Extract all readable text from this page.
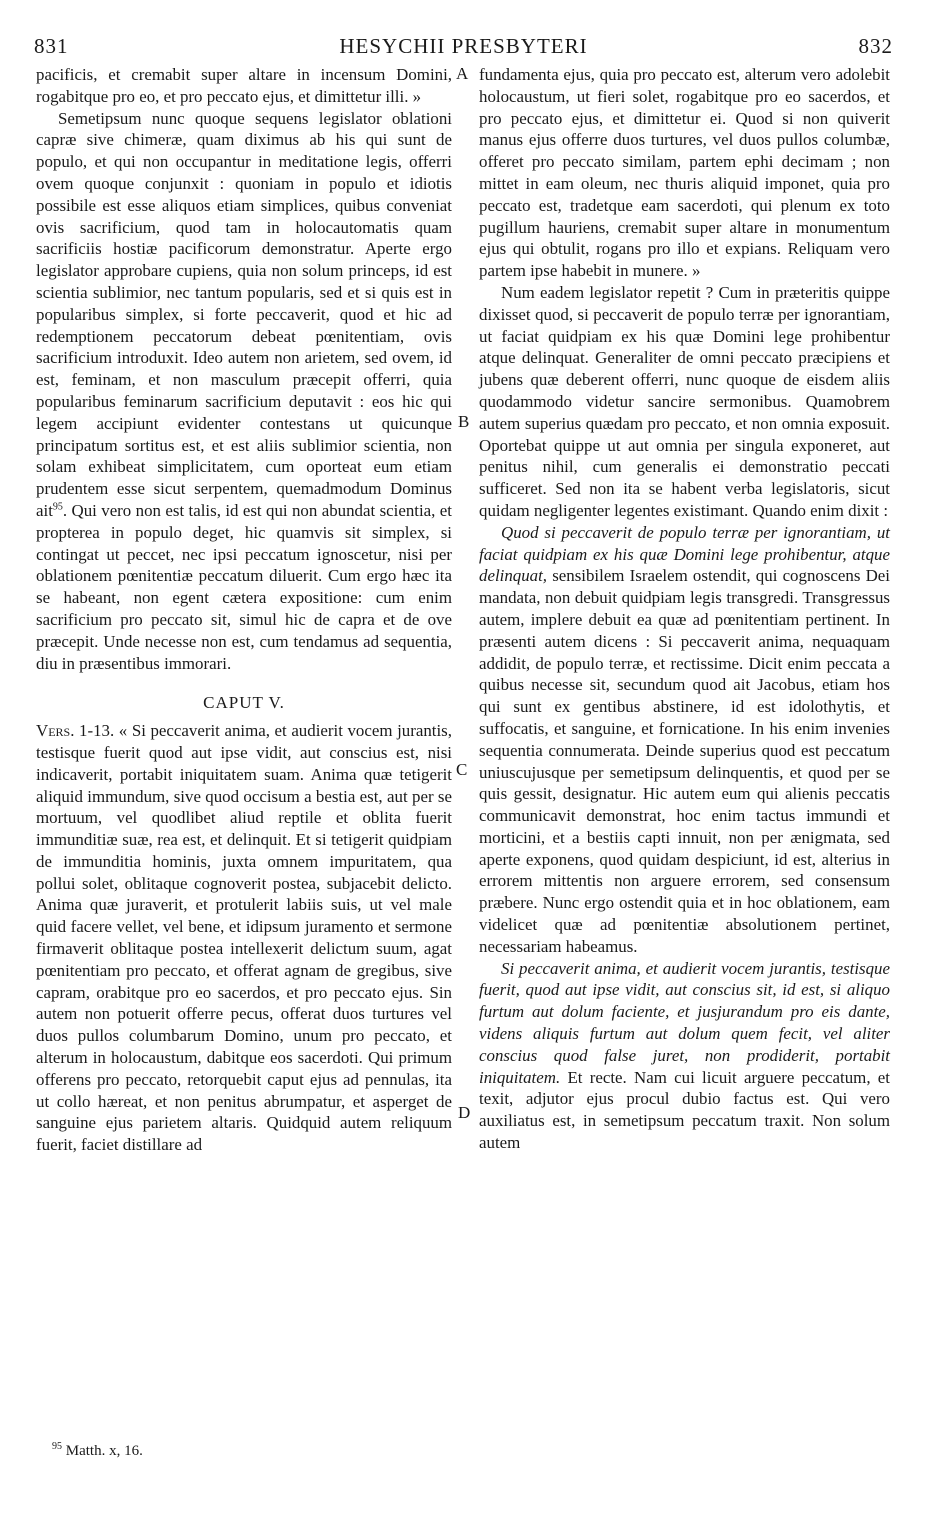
831	HESYCHII PRESBYTERI	832

pacificis, et cremabit super altare in incensum Domini, rogabitque pro eo, et pro peccato ejus, et dimittetur illi. »

Semetipsum nunc quoque sequens legislator oblationi capræ sive chimeræ, quam diximus ab his qui sunt de populo, et qui non occupantur in meditatione legis, offerri ovem quoque conjunxit : quoniam in populo et idiotis possibile est esse aliquos etiam simplices, quibus conveniat ovis sacrificium, quod tam in holocautomatis quam sacrificiis hostiæ pacificorum demonstratur. Aperte ergo legislator approbare cupiens, quia non solum princeps, id est scientia sublimior, nec tantum popularis, sed et si quis est in popularibus simplex, si forte peccaverit, quod et hic ad redemptionem peccatorum debeat pœnitentiam, ovis sacrificium introduxit. Ideo autem non arietem, sed ovem, id est, feminam, et non masculum præcepit offerri, quia popularibus feminarum sacrificium deputavit : eos hic qui legem accipiunt evidenter contestans ut quicunque principatum sortitus est, et est aliis sublimior scientia, non solam exhibeat simplicitatem, cum oporteat eum etiam prudentem esse sicut serpentem, quemadmodum Dominus ait$^{95}$. Qui vero non est talis, id est qui non abundat scientia, et propterea in populo deget, hic quamvis sit simplex, si contingat ut peccet, nec ipsi peccatum ignoscetur, nisi per oblationem pœnitentiæ peccatum diluerit. Cum ergo hæc ita se habeant, non egent cætera expositione: cum enim sacrificium pro peccato sit, simul hic de capra et de ove præcepit. Unde necesse non est, cum tendamus ad sequentia, diu in præsentibus immorari.

CAPUT V.

Vers. 1-13. « Si peccaverit anima, et audierit vocem jurantis, testisque fuerit quod aut ipse vidit, aut conscius est, nisi indicaverit, portabit iniquitatem suam. Anima quæ tetigerit aliquid immundum, sive quod occisum a bestia est, aut per se mortuum, vel quodlibet aliud reptile et oblita fuerit immunditiæ suæ, rea est, et delinquit. Et si tetigerit quidpiam de immunditia hominis, juxta omnem impuritatem, qua pollui solet, oblitaque cognoverit postea, subjacebit delicto. Anima quæ juraverit, et protulerit labiis suis, ut vel male quid facere vellet, vel bene, et idipsum juramento et sermone firmaverit oblitaque postea intellexerit delictum suum, agat pœnitentiam pro peccato, et offerat agnam de gregibus, sive capram, orabitque pro eo sacerdos, et pro peccato ejus. Sin autem non potuerit offerre pecus, offerat duos turtures vel duos pullos columbarum Domino, unum pro peccato, et alterum in holocaustum, dabitque eos sacerdoti. Qui primum offerens pro peccato, retorquebit caput ejus ad pennulas, ita ut collo hæreat, et non penitus abrumpatur, et asperget de sanguine ejus parietem altaris. Quidquid autem reliquum fuerit, faciet distillare ad

A
B
C
D

fundamenta ejus, quia pro peccato est, alterum vero adolebit holocaustum, ut fieri solet, rogabitque pro eo sacerdos, et pro peccato ejus, et dimittetur ei. Quod si non quiverit manus ejus offerre duos turtures, vel duos pullos columbæ, offeret pro peccato similam, partem ephi decimam ; non mittet in eam oleum, nec thuris aliquid imponet, quia pro peccato est, tradetque eam sacerdoti, qui plenum ex toto pugillum hauriens, cremabit super altare in monumentum ejus qui obtulit, rogans pro illo et expians. Reliquam vero partem ipse habebit in munere. »

Num eadem legislator repetit ? Cum in præteritis quippe dixisset quod, si peccaverit de populo terræ per ignorantiam, ut faciat quidpiam ex his quæ Domini lege prohibentur atque delinquat. Generaliter de omni peccato præcipiens et jubens quæ deberent offerri, nunc quoque de eisdem aliis quodammodo videtur sancire sermonibus. Quamobrem autem superius quædam pro peccato, et non omnia exposuit. Oportebat quippe ut aut omnia per singula exponeret, aut penitus nihil, cum generalis ei demonstratio peccati sufficeret. Sed non ita se habent verba legislatoris, sicut quidam negligenter legentes existimant. Quando enim dixit :

Quod si peccaverit de populo terræ per ignorantiam, ut faciat quidpiam ex his quæ Domini lege prohibentur, atque delinquat, sensibilem Israelem ostendit, qui cognoscens Dei mandata, non debuit quidpiam legis transgredi. Transgressus autem, implere debuit ea quæ ad pœnitentiam pertinent. In præsenti autem dicens : Si peccaverit anima, nequaquam addidit, de populo terræ, et rectissime. Dicit enim peccata a quibus necesse sit, secundum quod ait Jacobus, etiam hos qui sunt ex gentibus abstinere, id est idolothytis, et suffocatis, et sanguine, et fornicatione. In his enim invenies sequentia connumerata. Deinde superius quod est peccatum uniuscujusque per semetipsum delinquentis, et quod per se quis gessit, designatur. Hic autem eum qui alienis peccatis communicavit demonstrat, hoc enim tactus immundi et morticini, et a bestiis capti innuit, non per ænigmata, sed aperte exponens, quod quidam despiciunt, id est, alterius in errorem mittentis non arguere errorem, sed consensum præbere. Nunc ergo ostendit quia et in hoc oblationem, eam videlicet quæ ad pœnitentiæ absolutionem pertinet, necessariam habeamus.

Si peccaverit anima, et audierit vocem jurantis, testisque fuerit, quod aut ipse vidit, aut conscius sit, id est, si aliquo furtum aut dolum faciente, et jusjurandum pro eis dante, videns aliquis furtum aut dolum quem fecit, vel aliter conscius quod false juret, non prodiderit, portabit iniquitatem. Et recte. Nam cui licuit arguere peccatum, et texit, adjutor ejus procul dubio factus est. Qui vero auxiliatus est, in semetipsum peccatum traxit. Non solum autem

$^{95}$ Matth. x, 16.
